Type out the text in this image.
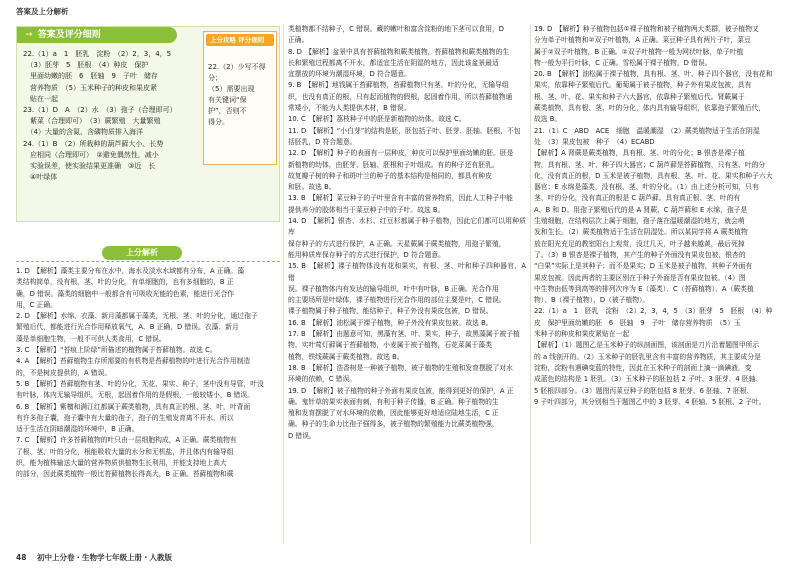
答案及上分解析
→ 答案及评分细则
22.（1）a　1　胚乳　淀粉　（2）2，3，4，5
　（3）胚芽　5　胚根　（4）种皮　保护
　里面幼嫩的胚　6　胚轴　9　子叶　储存
　营养物质　（5）玉米种子的种皮和果皮紧
　贴在一起
23.（1）D　A　（2）水　（3）孢子（合理即可）
　紫菜（合理即可）　（3）蕨繁殖　大量繁殖
　（4）大量的含氮、含磷物质排入海洋
24.（1）B　（2）所栽种的葫芦藓大小、长势
　应相同（合理即可）　②避免偶然性，减小
　实验误差，使实验结果更准确　③近　长
　④叶绿体
上分攻略 评分细则
22.（2）少写不得分；
（5）需要出现
有关键词“保
护”，否则不
得分。
上分解析
1. D　【解析】藻类主要分布在水中，海水及淡水水域都有分布，A 正确。藻
类结构简单，没有根、茎、叶的分化，有单细胞的，也有多细胞的，B 正
确，D 错误。藻类的细胞中一般都含有可吸收光能的色素，能进行光合作
用，C 正确。
2. D　【解析】水绵、衣藻、新月藻都属于藻类，无根、茎、叶的分化，通过孢子
繁殖后代，都能进行光合作用释放氧气，A、B 正确，D 错误。衣藻、新月
藻是单细胞生物，一般不可供人类食用，C 错误。
3. C　【解析】“苔痕上阶绿”所描述的植物属于苔藓植物。故选 C。
4. A　【解析】苔藓植物生存所需要的有机物是苔藓植物的叶进行光合作用制造
的，不是树皮提供的，A 错误。
5. B　【解析】苔藓植物有茎、叶的分化，无花、果实、种子，茎中没有导管，叶没
有叶脉，体内无输导组织，无根，起固着作用的是假根，一般较矮小，B 错误。
6. B　【解析】紫檀和满江红都属于蕨类植物，具有真正的根、茎、叶，叶背面
有许多孢子囊，孢子囊中有大量的孢子，孢子的生殖发育离不开水，所以
适于生活在阴暗潮湿的环境中，B 正确。
7. C　【解析】许多苔藓植物的叶只由一层细胞构成，A 正确。蕨类植物有
了根、茎、叶的分化，根能吸收大量的水分和无机盐，并且体内有输导组
织，能为植株输送大量的营养物质供植物生长利用，并能支持地上高大
的部分，因此蕨类植物一般比苔藓植物长得高大，B 正确。苔藓植物和蕨
类植物都不结种子，C 错误。藏的嫩叶和富含淀粉的地下茎可以食用，D
正确。
8. D　【解析】盆景中具有苔藓植物和蕨类植物，苔藓植物和蕨类植物的生
长和繁殖过程都离不开水，都适宜生活在阴湿的地方，因此该盆景最适
宜摆放的环境为潮湿环境，D 符合题意。
9. B　【解析】地钱属于苔藓植物，苔藓植物只有茎、叶的分化，无输导组
织，也没有真正的根，只有起而植物的假根，起固着作用，所以苔藓植物通
常矮小，不能为人类提供木材，B 错误。
10. C　【解析】荔枝种子中的胚是新植物的幼体。故选 C。
11. D　【解析】“小白芽”的结构是胚，胚包括子叶、胚芽、胚轴、胚根，不包
括胚乳，D 符合题意。
12. D　【解析】种子的表面有一层种皮，种皮可以保护里面幼嫩的胚。胚是
新植物的幼体，由胚芽、胚轴、胚根和子叶组成。有的种子还有胚乳。
故复瓣子树的种子和斑叶兰的种子的基本结构是相同的，都具有种皮
和胚。故选 B。
13. B　【解析】菜豆种子的子叶里含有丰富的营养物质，因此人工种子中能
提供养分的胶体相当于菜豆种子中的子叶。故选 B。
14. D　【解析】银杏、水杉、红豆杉都属于种子植物，因此它们都可以用种质库
保存种子的方式进行保护，A 正确。天星蕨属于蕨类植物，用孢子繁殖，
能用种质库保存种子的方式进行保护，D 符合题意。
15. B　【解析】裸子植物体没有花和果实，有根、茎、叶和种子四种器官，A 错
误。裸子植物体内有发达的输导组织，叶中有叶脉，B 正确。光合作用
的主要场所是叶绿体，裸子植物进行光合作用的部位主要是叶，C 错误。
裸子植物属于种子植物，能结种子，种子外没有果皮包被，D 错误。
16. B　【解析】油松属于裸子植物，种子外没有果皮包被。故选 B。
17. B　【解析】由题意可知，黑藻有茎、叶、果实、种子，故黑藻属于被子植
物。实叶莺灯藓属于苔藓植物，小麦属于被子植物，石花菜属于藻类
植物，铁线蕨属于蕨类植物。故选 B。
18. B　【解析】浩香树是一种被子植物，被子植物的生殖和发育摆脱了对水
环境的依赖，C 错误。
19. D　【解析】被子植物的种子外面有果皮包被，能得到更好的保护，A 正
确。鬼针草的果实表面有刺，有利于种子传播，B 正确。种子植物的生
殖和发育摆脱了对水环境的依赖，因此能够更好地适应陆地生活，C 正
确。种子的生命力比孢子强得多，被子植物的繁殖能力比蕨类植物强，
D 错误。
19. D　【解析】种子植物包括①裸子植物和被子植物两大类群，被子植物又
分为单子叶植物和②双子叶植物，A 正确。菜豆种子具有两片子叶，菜豆
属于②双子叶植物，B 正确。②双子叶植物一般为网状叶脉，单子叶植
物一般为平行叶脉，C 正确。雪松属于裸子植物，D 错误。
20. B　【解析】油松属于裸子植物，具有根、茎、叶、种子四个器官，没有花和
果实，依靠种子繁殖后代。葡萄属于被子植物，种子外有果皮包被，具有
根、茎、叶、花、果实和种子六大器官，依靠种子繁殖后代。肾蕨属于
蕨类植物，具有根、茎、叶的分化，体内具有输导组织，依靠孢子繁殖后代，
故选 B。
21.（1）C　ABD　ACE　细胞　温暖潮湿　（2）蕨类植物适于生活在阴湿
处　（3）果皮包被　种子　（4）ECABD
【解析】A 肾蕨是蕨类植物，具有根、茎、叶的分化；B 银杏是裸子植
物，具有根、茎、叶、种子四大器官；C 葫芦藓是苔藓植物，只有茎、叶的分
化，没有真正的根，D 玉米是被子植物，具有根、茎、叶、花、果实和种子六大
器官；E 水绵是藻类，没有根、茎、叶的分化。（1）由上述分析可知，只有
茎、叶的分化，没有真正的根是 C 葫芦藓。具有真正根、茎、叶的有
A、B 和 D。用孢子繁殖后代的是 A 肾蕨、C 葫芦藓和 E 水绵，孢子是
生殖细胞，在结构层次上属于细胞，孢子落在温暖潮湿的地方，就会萌
发和生长。（2）蕨类植物适于生活在阴湿处。所以某同学将 A 蕨类植物
放在阳光充足的教室阳台上观赏，没过几天，叶子越来越黄，最后死掉
了。（3）B 银杏是裸子植物，其产生的种子外面没有果皮包被，银杏的
“白果”实际上是其种子；而不是果实；D 玉米是被子植物，其种子外面有
果皮包被。因此两者的主要区别在于种子外面是否有果皮包被。（4）图
中生物由低等到高等的排列次序为 E（藻类）、C（苔藓植物）、A（蕨类植
物）、B（裸子植物）、D（被子植物）。
22.（1）a　1　胚乳　淀粉　（2）2，3，4，5　（3）胚芽　5　胚根　（4）种
皮　保护里面幼嫩的胚　6　胚轴　9　子叶　储存营养物质　（5）玉
米种子的种皮和果皮紧贴在一起
【解析】（1）题图乙是玉米种子的纵剖面图，该剖面是刀片沿着题图甲所示
的 a 线剖开的。（2）玉米种子的胚乳里含有丰富的营养物质，其主要成分是
淀粉，淀粉有遇碘变蓝的特性，因此在玉米种子的剖面上滴一滴碘液，变
成蓝色的结构是 1 胚乳。（3）玉米种子的胚包括 2 子叶、3 胚芽、4 胚轴、
5 胚根四部分。（3）题图丙菜豆种子的胚包括 8 胚芽、6 胚轴、7 胚根、
9 子叶四部分，其分别相当于题图乙中的 3 胚芽、4 胚轴、5 胚根、2 子叶。
48 初中上分卷・生物学七年级上册・人教版
